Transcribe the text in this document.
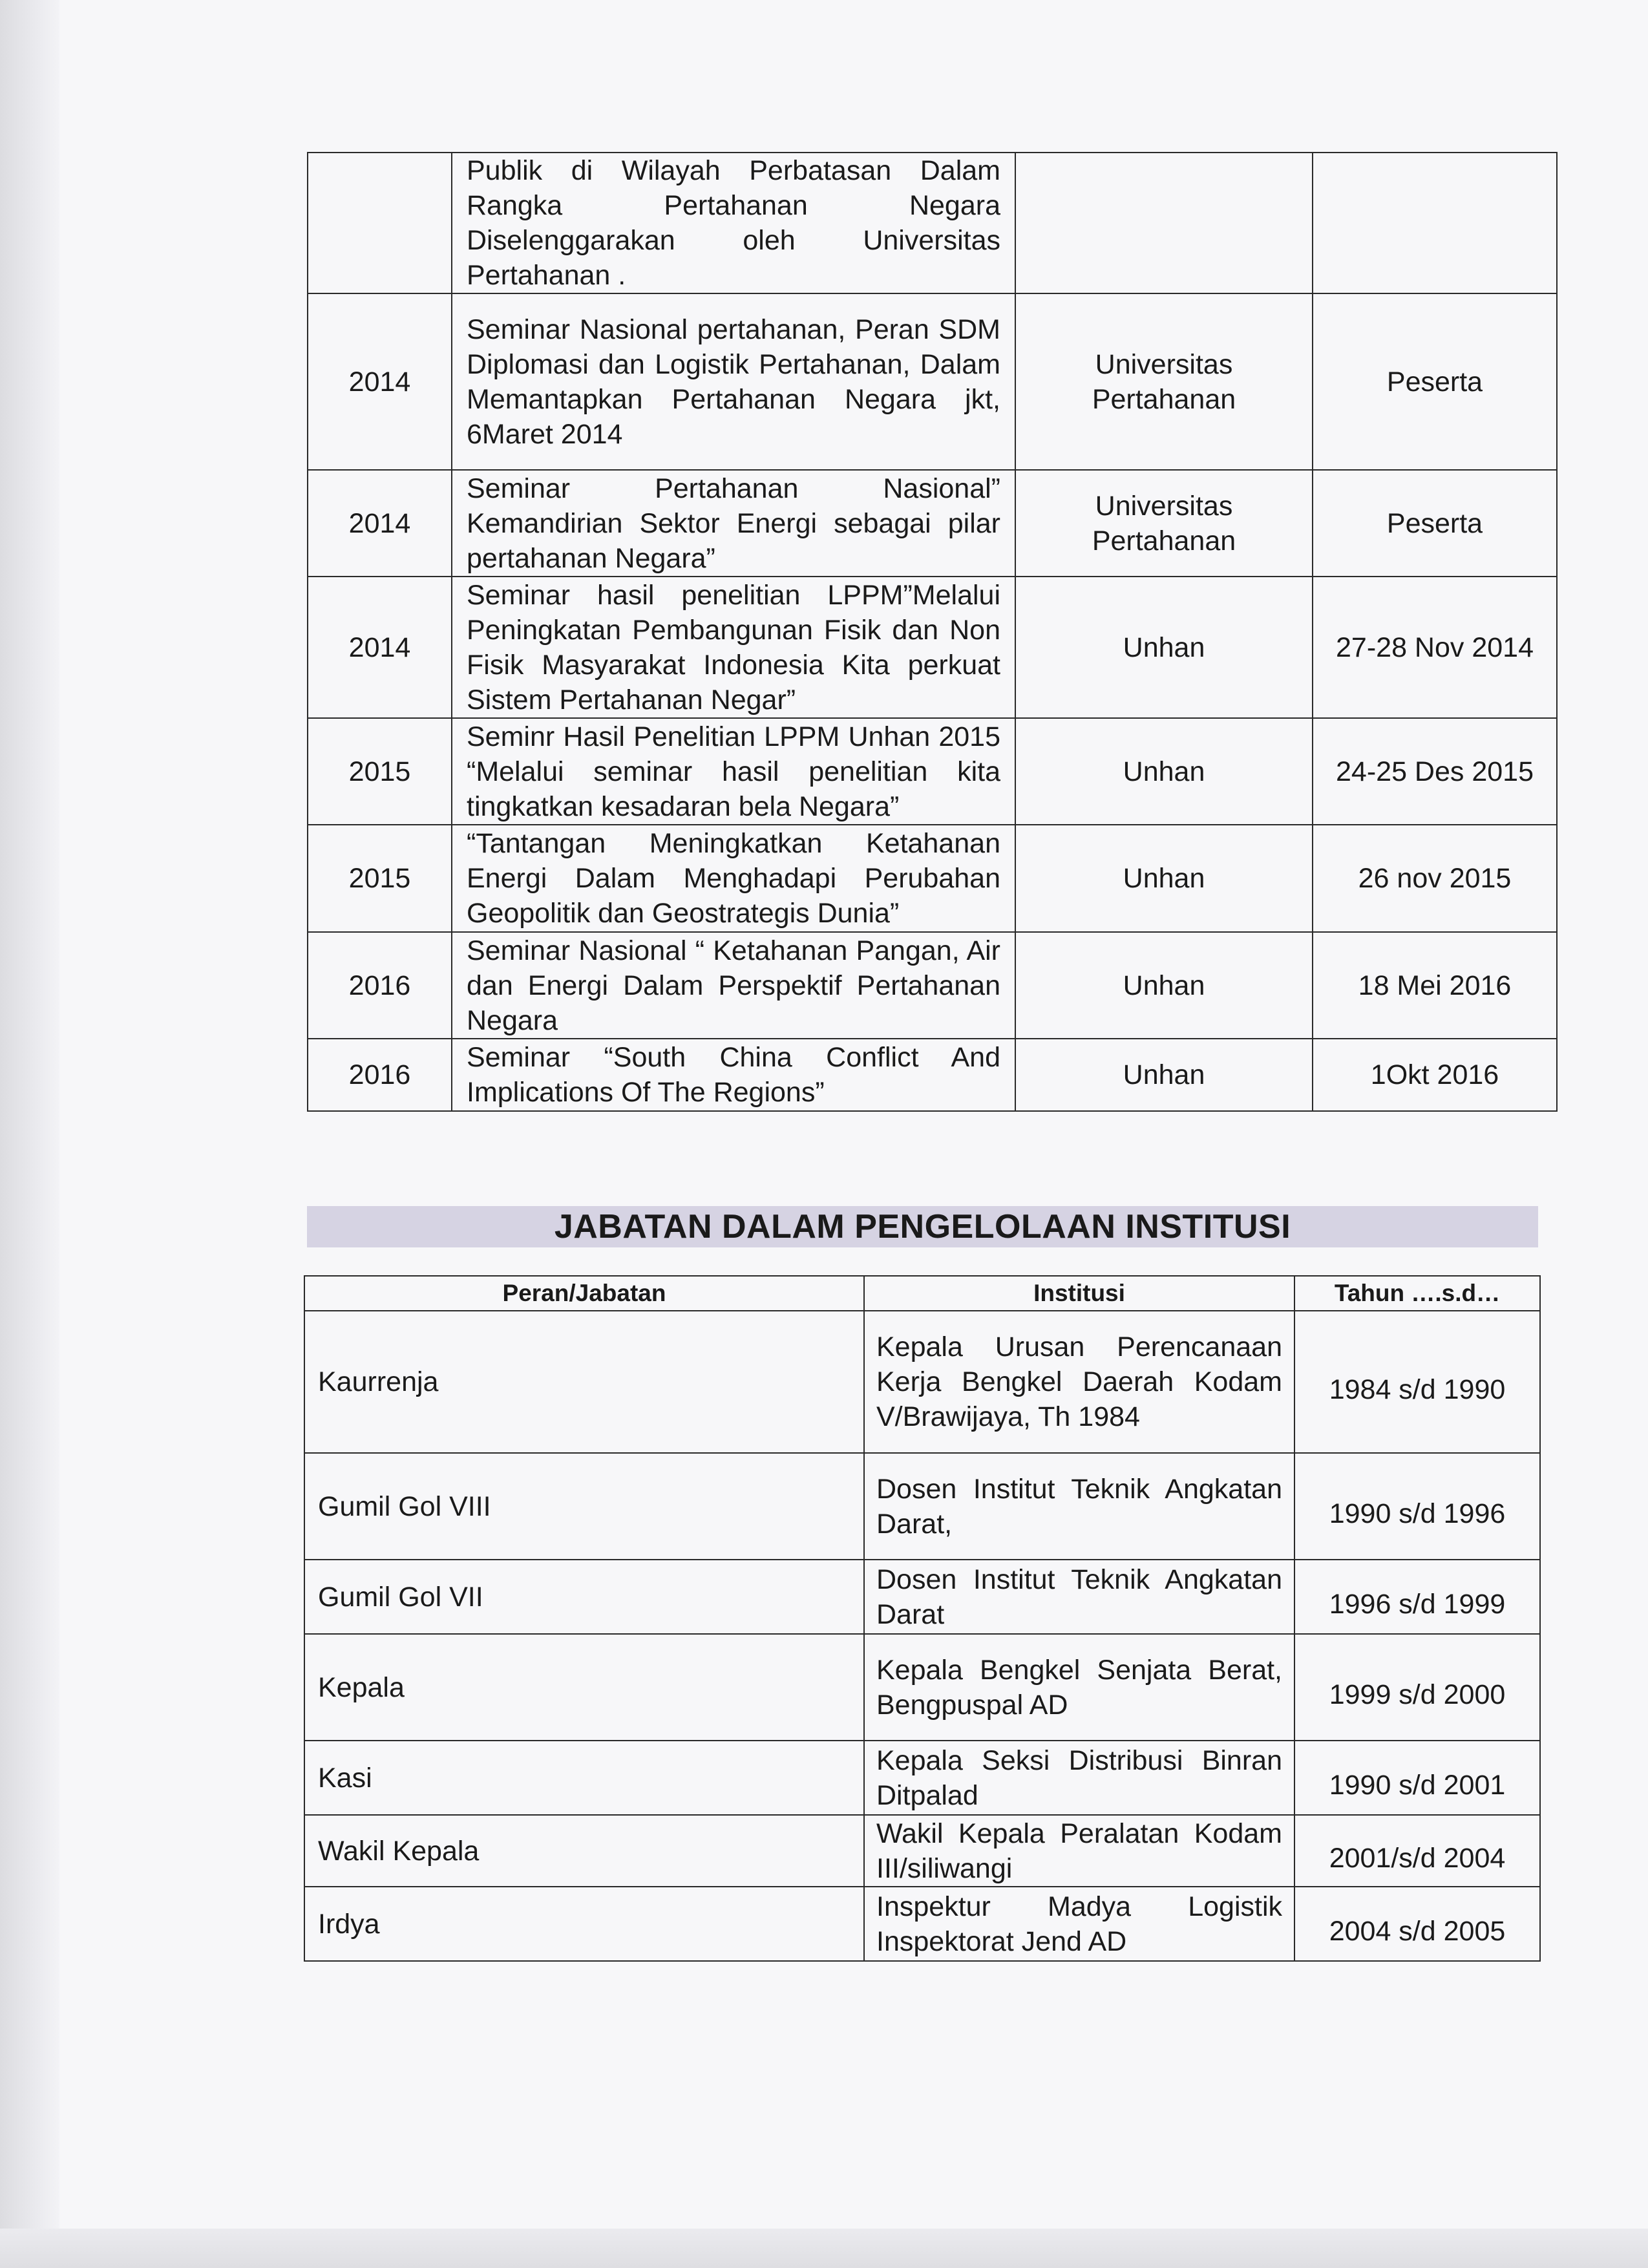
	Publik di Wilayah Perbatasan Dalam Rangka Pertahanan Negara Diselenggarakan oleh Universitas Pertahanan .		
2014	Seminar Nasional pertahanan, Peran SDM Diplomasi dan Logistik Pertahanan, Dalam Memantapkan Pertahanan Negara jkt, 6Maret 2014	Universitas Pertahanan	Peserta
2014	Seminar Pertahanan Nasional” Kemandirian Sektor Energi sebagai pilar pertahanan Negara”	Universitas Pertahanan	Peserta
2014	Seminar hasil penelitian LPPM”Melalui Peningkatan Pembangunan Fisik dan Non Fisik Masyarakat Indonesia Kita perkuat Sistem Pertahanan Negar”	Unhan	27-28 Nov 2014
2015	Seminr Hasil Penelitian LPPM Unhan 2015 “Melalui seminar hasil penelitian kita tingkatkan kesadaran bela Negara”	Unhan	24-25 Des 2015
2015	“Tantangan Meningkatkan Ketahanan Energi Dalam Menghadapi Perubahan Geopolitik dan Geostrategis Dunia”	Unhan	26 nov 2015
2016	Seminar Nasional “ Ketahanan Pangan, Air dan Energi Dalam Perspektif Pertahanan Negara	Unhan	18 Mei 2016
2016	Seminar “South China Conflict And Implications Of The Regions”	Unhan	1Okt 2016
JABATAN DALAM PENGELOLAAN INSTITUSI
Peran/Jabatan	Institusi	Tahun ….s.d…
Kaurrenja	Kepala Urusan Perencanaan Kerja Bengkel Daerah Kodam V/Brawijaya, Th 1984	1984 s/d 1990
Gumil Gol VIII	Dosen Institut Teknik Angkatan Darat,	1990 s/d 1996
Gumil Gol VII	Dosen Institut Teknik Angkatan Darat	1996 s/d 1999
Kepala	Kepala Bengkel Senjata Berat, Bengpuspal AD	1999 s/d 2000
Kasi	Kepala Seksi Distribusi Binran Ditpalad	1990 s/d 2001
Wakil Kepala	Wakil Kepala Peralatan Kodam III/siliwangi	2001/s/d 2004
Irdya	Inspektur Madya Logistik Inspektorat Jend AD	2004 s/d 2005
